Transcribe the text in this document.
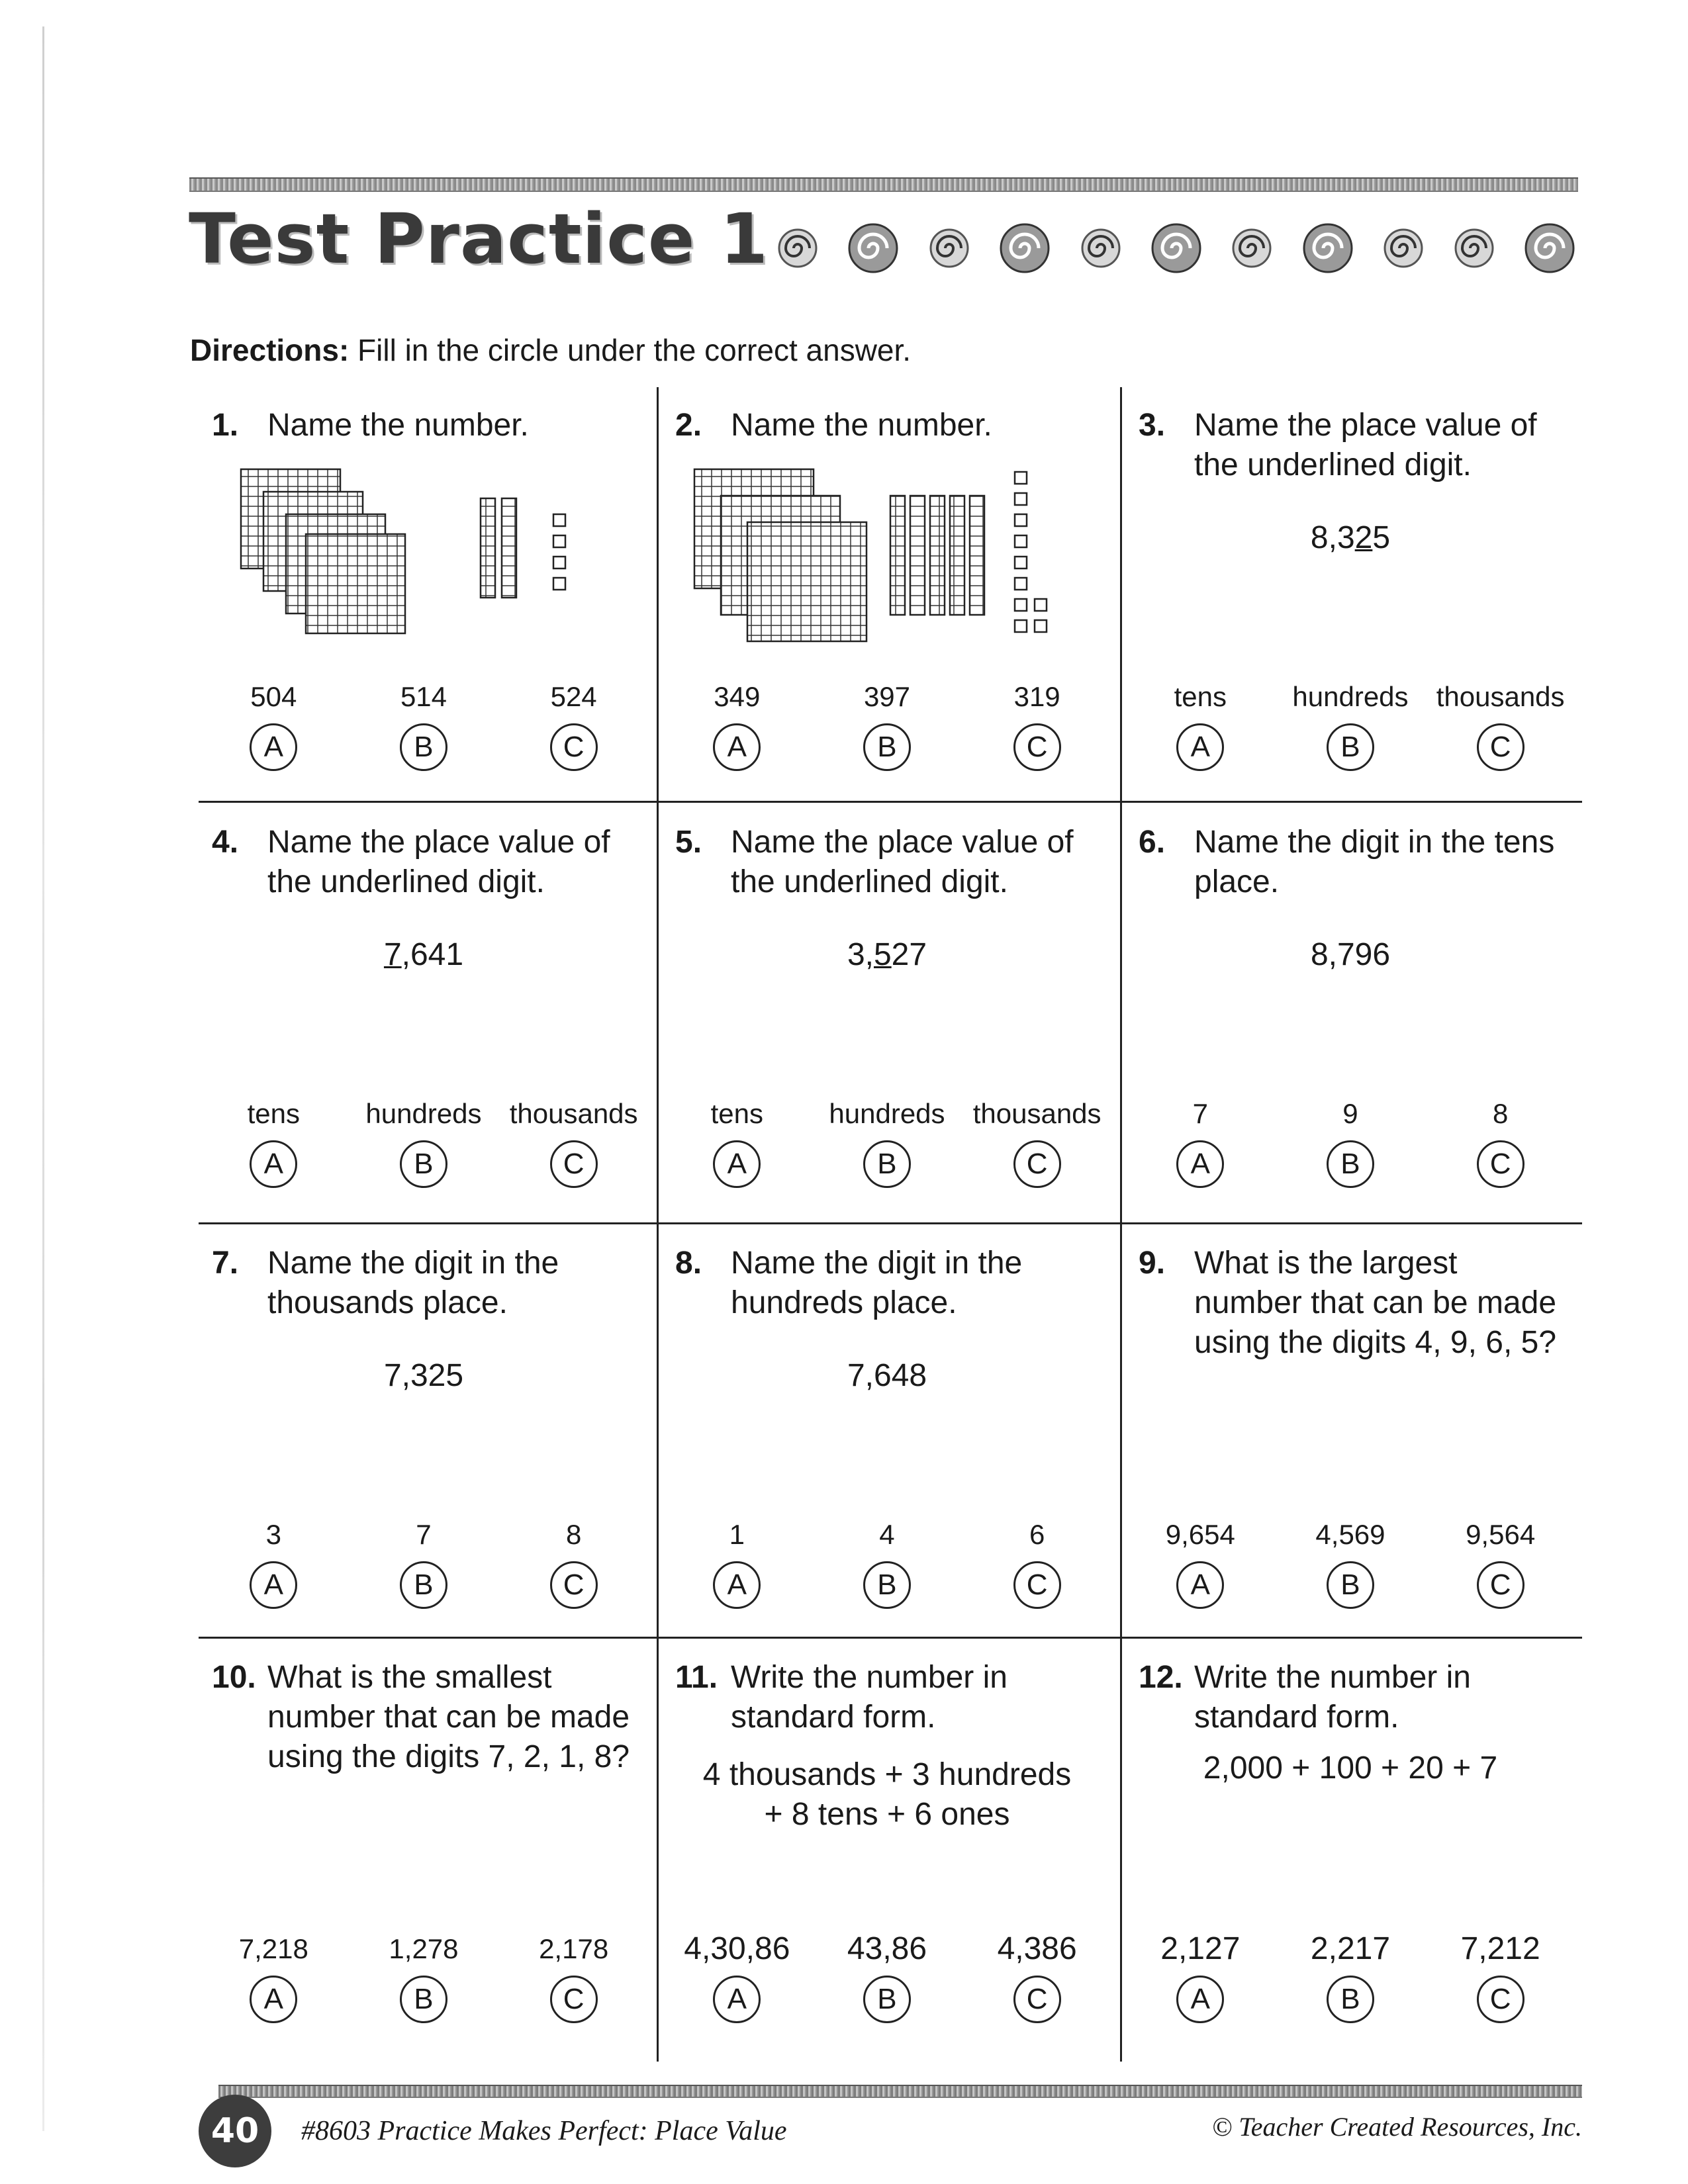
Test Practice 1

Directions: Fill in the circle under the correct answer.

1. Name the number.
504
A
514
B
524
C
2. Name the number.
349
A
397
B
319
C
3. Name the place value of
the underlined digit.
8,325
tens
A
hundreds
B
thousands
C
4. Name the place value of
the underlined digit.
7,641
tens
A
hundreds
B
thousands
C
5. Name the place value of
the underlined digit.
3,527
tens
A
hundreds
B
thousands
C
6. Name the digit in the tens
place.
8,796
7
A
9
B
8
C
7. Name the digit in the
thousands place.
7,325
3
A
7
B
8
C
8. Name the digit in the
hundreds place.
7,648
1
A
4
B
6
C
9. What is the largest
number that can be made
using the digits 4, 9, 6, 5?
9,654
A
4,569
B
9,564
C
10. What is the smallest
number that can be made
using the digits 7, 2, 1, 8?
7,218
A
1,278
B
2,178
C
11. Write the number in
standard form.
4 thousands + 3 hundreds
+ 8 tens + 6 ones
4,30,86
A
43,86
B
4,386
C
12. Write the number in
standard form.
2,000 + 100 + 20 + 7
2,127
A
2,217
B
7,212
C
40	#8603 Practice Makes Perfect: Place Value	© Teacher Created Resources, Inc.
